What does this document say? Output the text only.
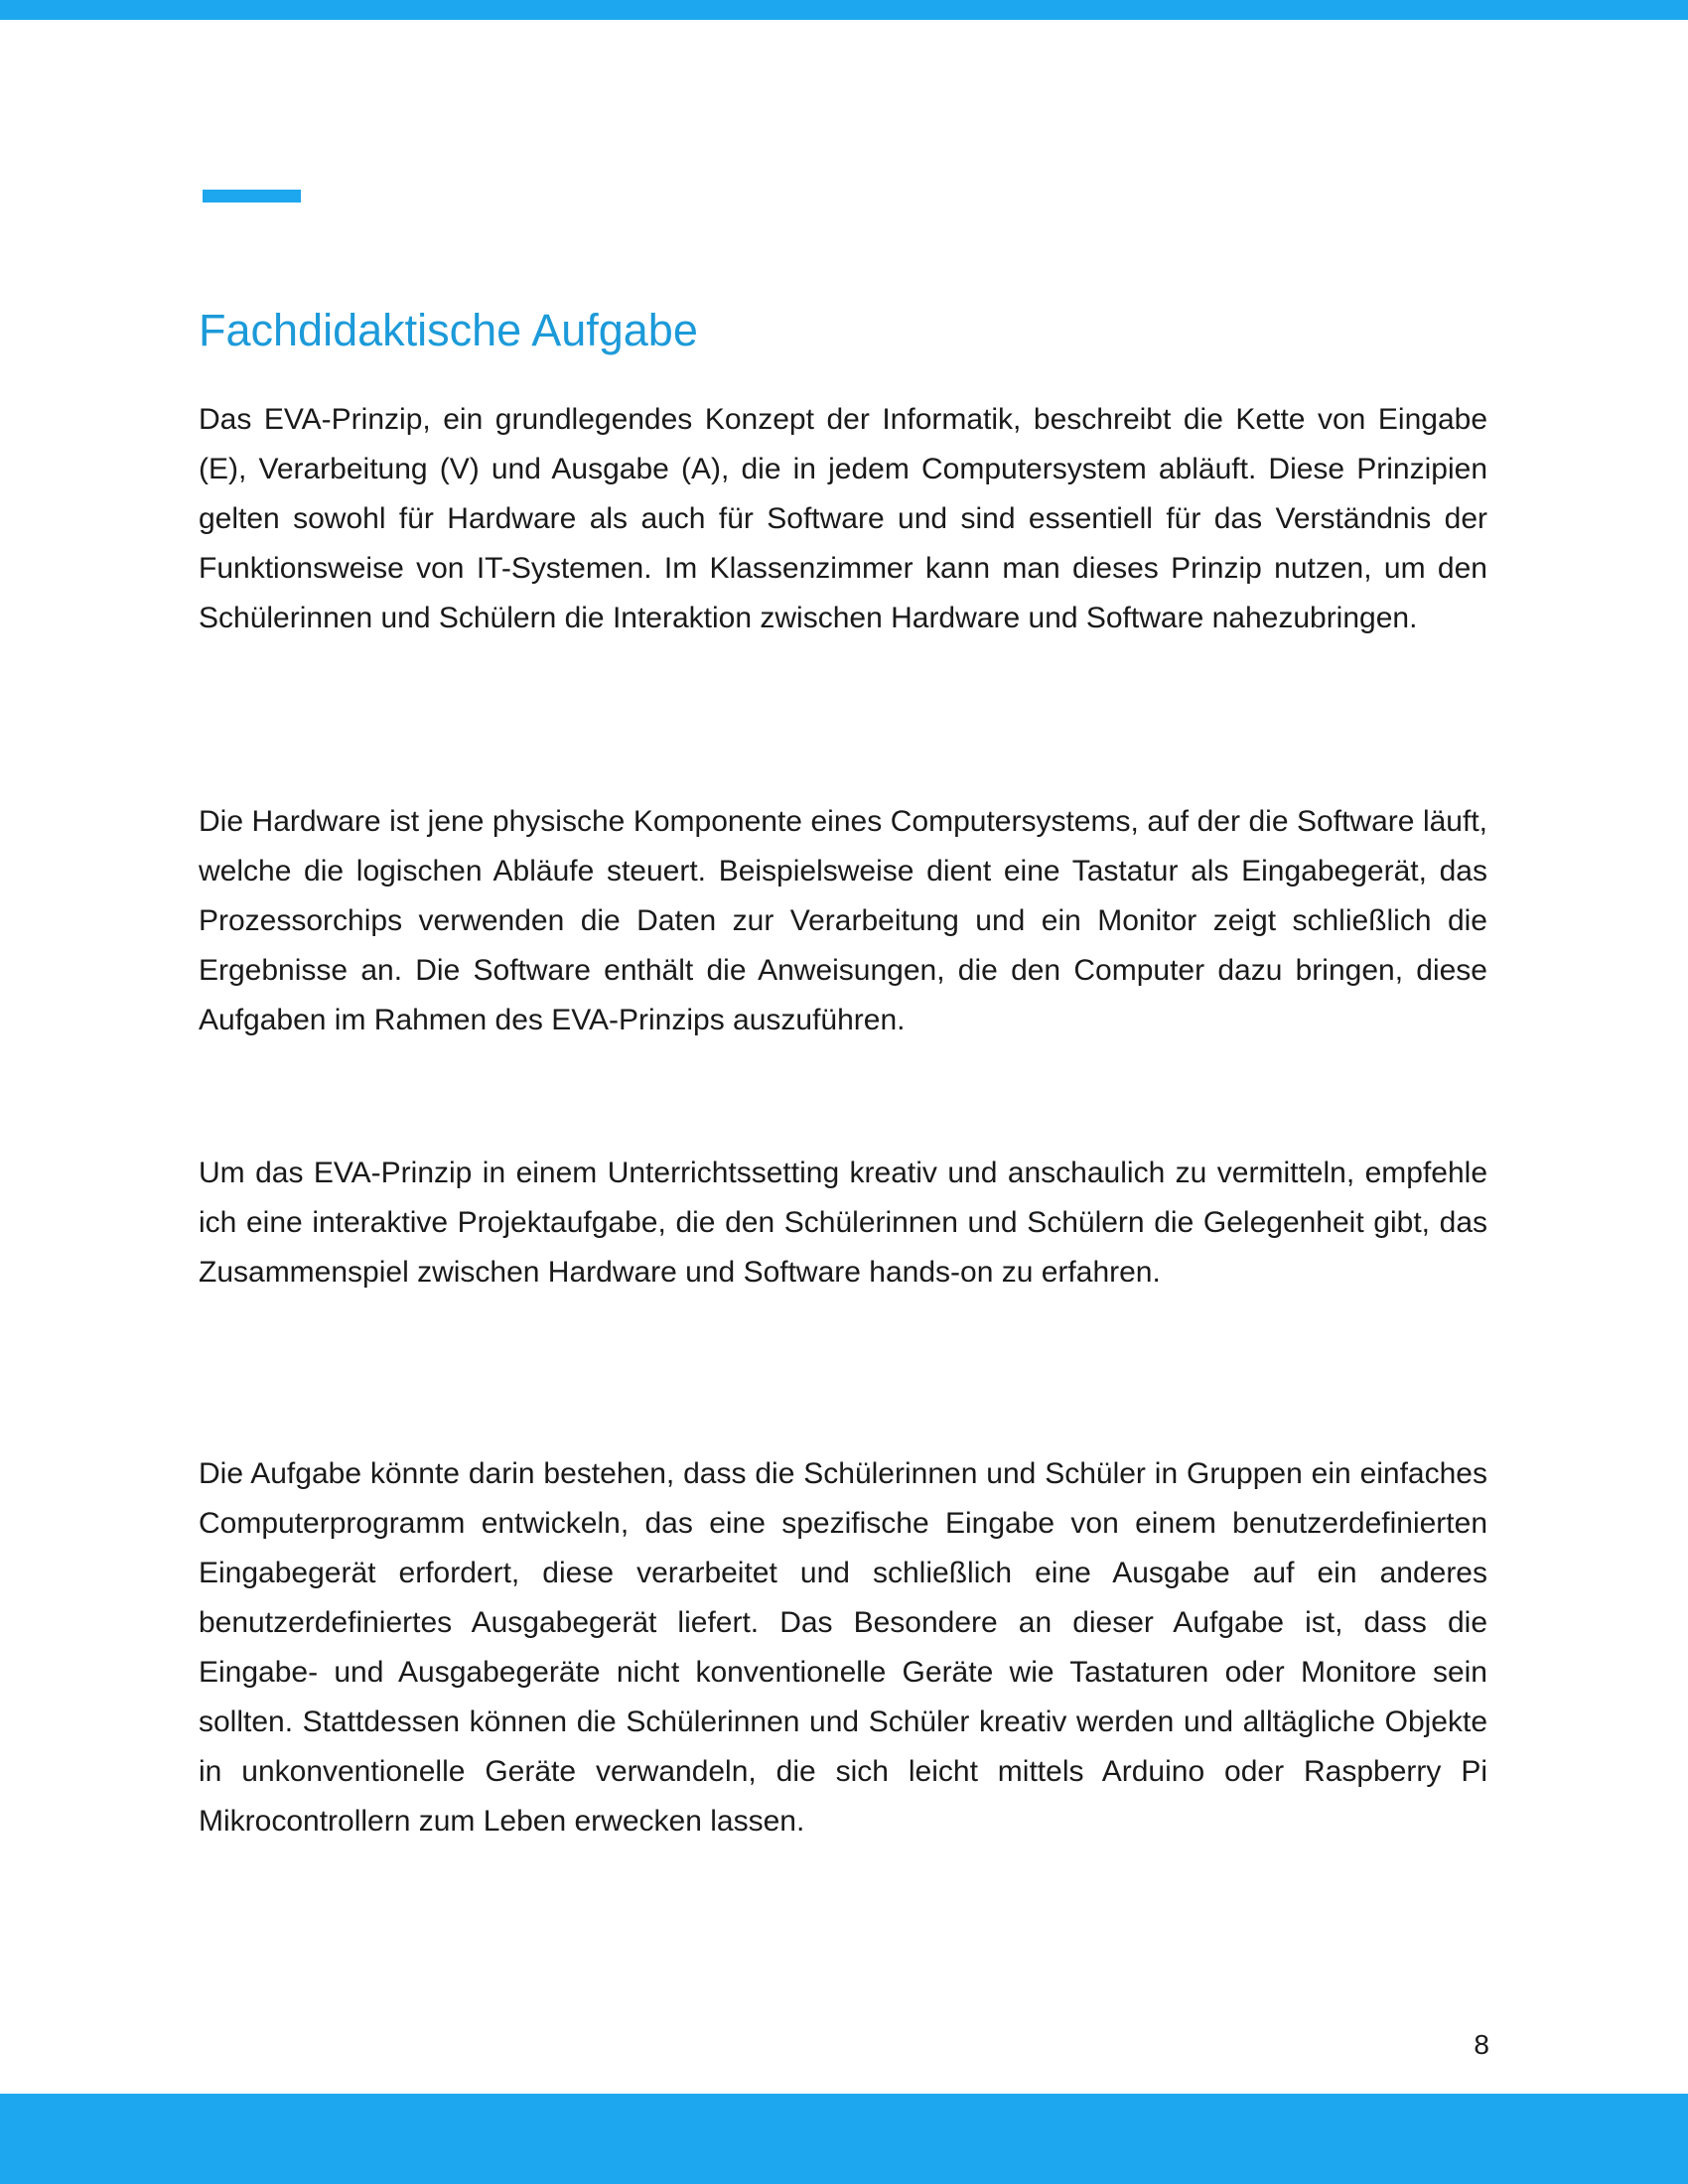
Fachdidaktische Aufgabe

Das EVA-Prinzip, ein grundlegendes Konzept der Informatik, beschreibt die Kette von Eingabe (E), Verarbeitung (V) und Ausgabe (A), die in jedem Computersystem abläuft. Diese Prinzipien gelten sowohl für Hardware als auch für Software und sind essentiell für das Verständnis der Funktionsweise von IT-Systemen. Im Klassenzimmer kann man dieses Prinzip nutzen, um den Schülerinnen und Schülern die Interaktion zwischen Hardware und Software nahezubringen.

Die Hardware ist jene physische Komponente eines Computersystems, auf der die Software läuft, welche die logischen Abläufe steuert. Beispielsweise dient eine Tastatur als Eingabegerät, das Prozessorchips verwenden die Daten zur Verarbeitung und ein Monitor zeigt schließlich die Ergebnisse an. Die Software enthält die Anweisungen, die den Computer dazu bringen, diese Aufgaben im Rahmen des EVA-Prinzips auszuführen.

Um das EVA-Prinzip in einem Unterrichtssetting kreativ und anschaulich zu vermitteln, empfehle ich eine interaktive Projektaufgabe, die den Schülerinnen und Schülern die Gelegenheit gibt, das Zusammenspiel zwischen Hardware und Software hands-on zu erfahren.

Die Aufgabe könnte darin bestehen, dass die Schülerinnen und Schüler in Gruppen ein einfaches Computerprogramm entwickeln, das eine spezifische Eingabe von einem benutzerdefinierten Eingabegerät erfordert, diese verarbeitet und schließlich eine Ausgabe auf ein anderes benutzerdefiniertes Ausgabegerät liefert. Das Besondere an dieser Aufgabe ist, dass die Eingabe- und Ausgabegeräte nicht konventionelle Geräte wie Tastaturen oder Monitore sein sollten. Stattdessen können die Schülerinnen und Schüler kreativ werden und alltägliche Objekte in unkonventionelle Geräte verwandeln, die sich leicht mittels Arduino oder Raspberry Pi Mikrocontrollern zum Leben erwecken lassen.

8
